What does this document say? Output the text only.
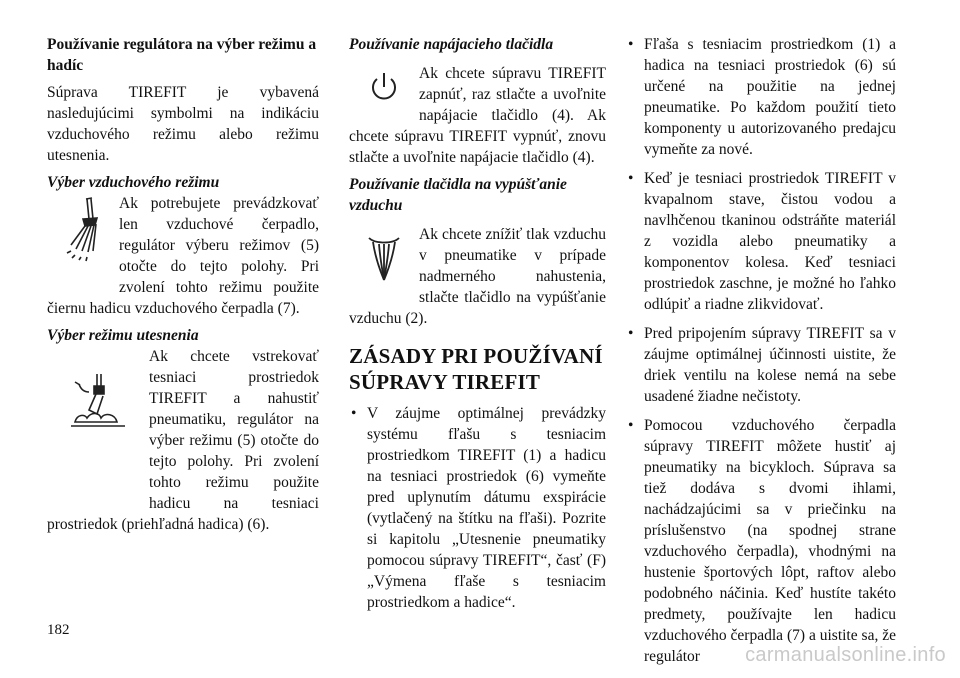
Používanie regulátora na výber režimu a hadíc

Súprava TIREFIT je vybavená nasledujúcimi symbolmi na indikáciu vzduchového režimu alebo režimu utesnenia.

Výber vzduchového režimu

Ak potrebujete prevádzkovať len vzduchové čerpadlo, regulátor výberu režimov (5) otočte do tejto polohy. Pri zvolení tohto režimu použite čiernu hadicu vzduchového čerpadla (7).

Výber režimu utesnenia

Ak chcete vstrekovať tesniaci prostriedok TIREFIT a nahustiť pneumatiku, regulátor na výber režimu (5) otočte do tejto polohy. Pri zvolení tohto režimu použite hadicu na tesniaci prostriedok (priehľadná hadica) (6).

Používanie napájacieho tlačidla

Ak chcete súpravu TIREFIT zapnúť, raz stlačte a uvoľnite napájacie tlačidlo (4). Ak chcete súpravu TIREFIT vypnúť, znovu stlačte a uvoľnite napájacie tlačidlo (4).

Používanie tlačidla na vypúšťanie vzduchu

Ak chcete znížiť tlak vzduchu v pneumatike v prípade nadmerného nahustenia, stlačte tlačidlo na vypúšťanie vzduchu (2).

ZÁSADY PRI POUŽÍVANÍ
SÚPRAVY TIREFIT
• V záujme optimálnej prevádzky systému fľašu s tesniacim prostriedkom TIREFIT (1) a hadicu na tesniaci prostriedok (6) vymeňte pred uplynutím dátumu exspirácie (vytlačený na štítku na fľaši). Pozrite si kapitolu „Utesnenie pneumatiky pomocou súpravy TIREFIT“, časť (F) „Výmena fľaše s tesniacim prostriedkom a hadice“.
• Fľaša s tesniacim prostriedkom (1) a hadica na tesniaci prostriedok (6) sú určené na použitie na jednej pneumatike. Po každom použití tieto komponenty u autorizovaného predajcu vymeňte za nové.
• Keď je tesniaci prostriedok TIREFIT v kvapalnom stave, čistou vodou a navlhčenou tkaninou odstráňte materiál z vozidla alebo pneumatiky a komponentov kolesa. Keď tesniaci prostriedok zaschne, je možné ho ľahko odlúpiť a riadne zlikvidovať.
• Pred pripojením súpravy TIREFIT sa v záujme optimálnej účinnosti uistite, že driek ventilu na kolese nemá na sebe usadené žiadne nečistoty.
• Pomocou vzduchového čerpadla súpravy TIREFIT môžete hustiť aj pneumatiky na bicykloch. Súprava sa tiež dodáva s dvomi ihlami, nachádzajúcimi sa v priečinku na príslušenstvo (na spodnej strane vzduchového čerpadla), vhodnými na hustenie športových lôpt, raftov alebo podobného náčinia. Keď hustíte takéto predmety, používajte len hadicu vzduchového čerpadla (7) a uistite sa, že regulátor
182
carmanualsonline.info
